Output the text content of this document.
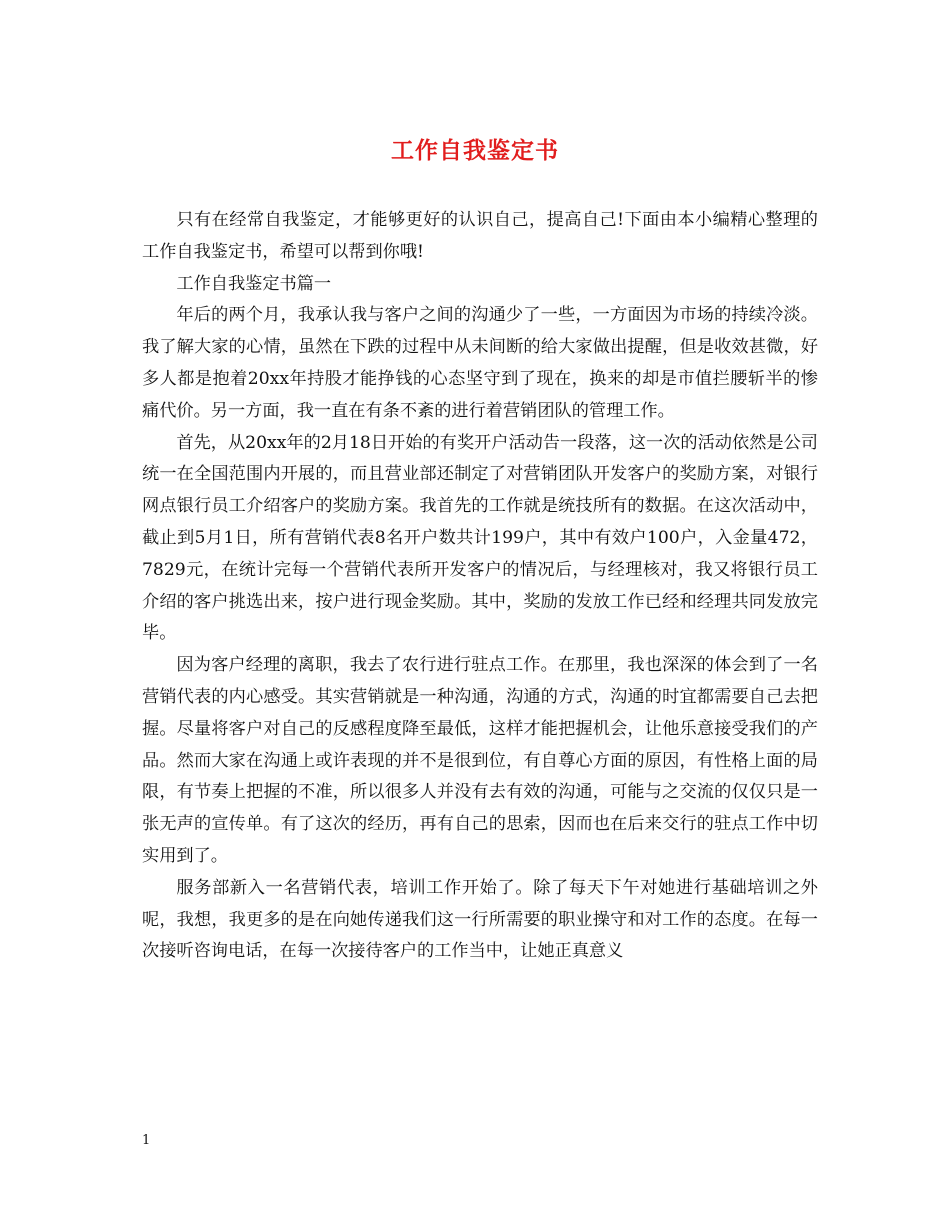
工作自我鉴定书

只有在经常自我鉴定，才能够更好的认识自己，提高自己!下面由本小编精心整理的工作自我鉴定书，希望可以帮到你哦!

工作自我鉴定书篇一

年后的两个月，我承认我与客户之间的沟通少了一些，一方面因为市场的持续冷淡。我了解大家的心情，虽然在下跌的过程中从未间断的给大家做出提醒，但是收效甚微，好多人都是抱着20xx年持股才能挣钱的心态坚守到了现在，换来的却是市值拦腰斩半的惨痛代价。另一方面，我一直在有条不紊的进行着营销团队的管理工作。

首先，从20xx年的2月18日开始的有奖开户活动告一段落，这一次的活动依然是公司统一在全国范围内开展的，而且营业部还制定了对营销团队开发客户的奖励方案，对银行网点银行员工介绍客户的奖励方案。我首先的工作就是统技所有的数据。在这次活动中，截止到5月1日，所有营销代表8名开户数共计199户，其中有效户100户，入金量472，7829元，在统计完每一个营销代表所开发客户的情况后，与经理核对，我又将银行员工介绍的客户挑选出来，按户进行现金奖励。其中，奖励的发放工作已经和经理共同发放完毕。

因为客户经理的离职，我去了农行进行驻点工作。在那里，我也深深的体会到了一名营销代表的内心感受。其实营销就是一种沟通，沟通的方式，沟通的时宜都需要自己去把握。尽量将客户对自己的反感程度降至最低，这样才能把握机会，让他乐意接受我们的产品。然而大家在沟通上或许表现的并不是很到位，有自尊心方面的原因，有性格上面的局限，有节奏上把握的不准，所以很多人并没有去有效的沟通，可能与之交流的仅仅只是一张无声的宣传单。有了这次的经历，再有自己的思索，因而也在后来交行的驻点工作中切实用到了。

服务部新入一名营销代表，培训工作开始了。除了每天下午对她进行基础培训之外呢，我想，我更多的是在向她传递我们这一行所需要的职业操守和对工作的态度。在每一次接听咨询电话，在每一次接待客户的工作当中，让她正真意义

1
